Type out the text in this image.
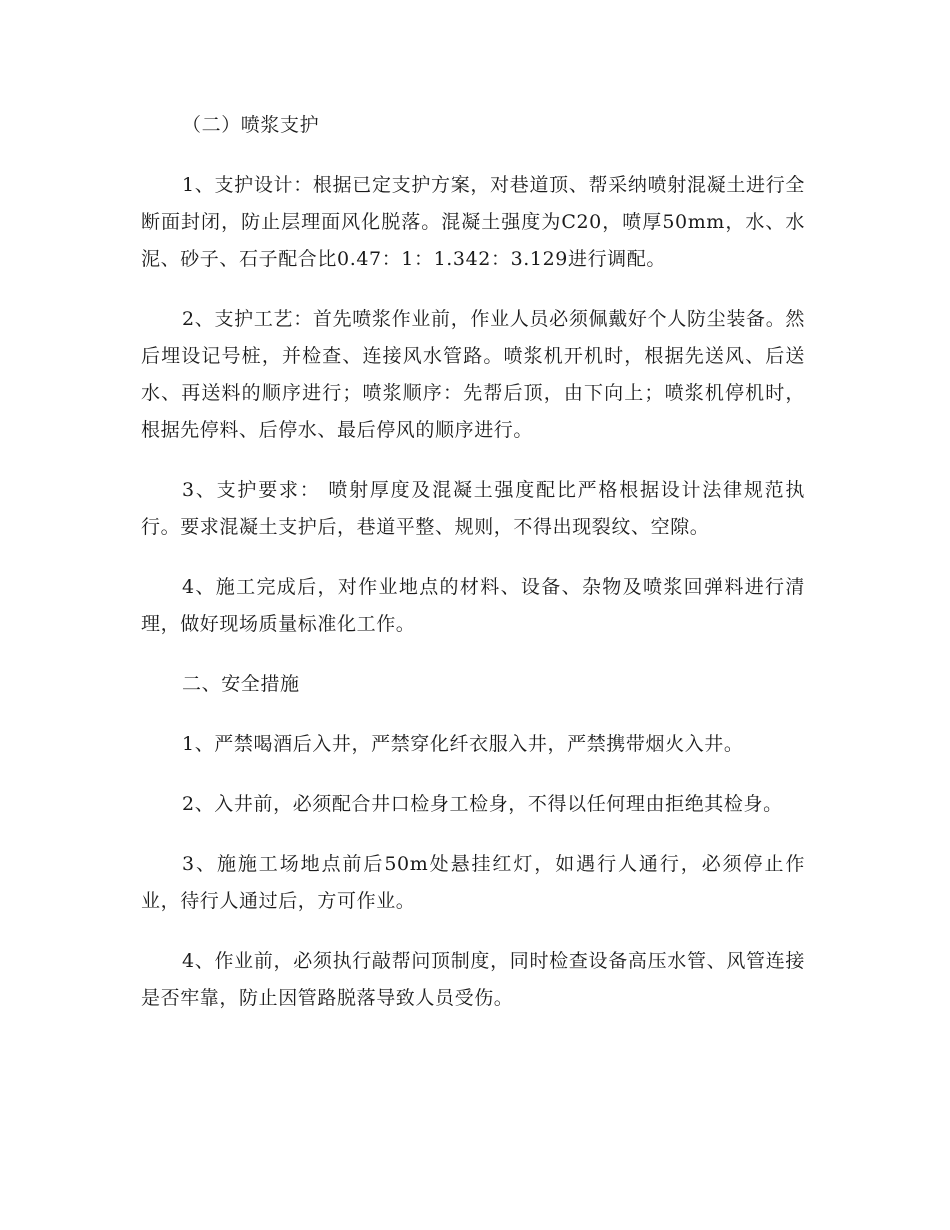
（二）喷浆支护

1、支护设计：根据已定支护方案，对巷道顶、帮采纳喷射混凝土进行全断面封闭，防止层理面风化脱落。混凝土强度为C20，喷厚50mm，水、水泥、砂子、石子配合比0.47：1：1.342：3.129进行调配。

2、支护工艺：首先喷浆作业前，作业人员必须佩戴好个人防尘装备。然后埋设记号桩，并检查、连接风水管路。喷浆机开机时，根据先送风、后送水、再送料的顺序进行；喷浆顺序：先帮后顶，由下向上；喷浆机停机时，根据先停料、后停水、最后停风的顺序进行。

3、支护要求： 喷射厚度及混凝土强度配比严格根据设计法律规范执行。要求混凝土支护后，巷道平整、规则，不得出现裂纹、空隙。

4、施工完成后，对作业地点的材料、设备、杂物及喷浆回弹料进行清理，做好现场质量标准化工作。

二、安全措施

1、严禁喝酒后入井，严禁穿化纤衣服入井，严禁携带烟火入井。

2、入井前，必须配合井口检身工检身，不得以任何理由拒绝其检身。

3、施施工场地点前后50m处悬挂红灯，如遇行人通行，必须停止作业，待行人通过后，方可作业。

4、作业前，必须执行敲帮问顶制度，同时检查设备高压水管、风管连接是否牢靠，防止因管路脱落导致人员受伤。
